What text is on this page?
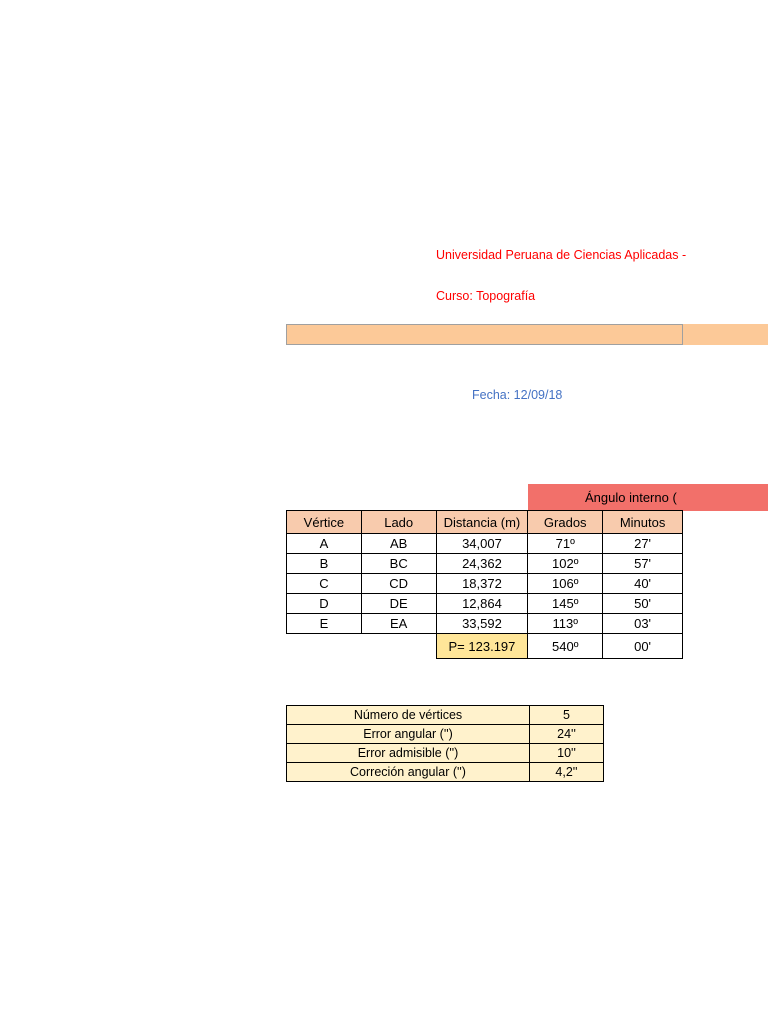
Universidad Peruana de Ciencias Aplicadas -
Curso: Topografía
Fecha: 12/09/18
Ángulo interno (
Vértice	Lado	Distancia (m)	Grados	Minutos
A	AB	34,007	71º	27'
B	BC	24,362	102º	57'
C	CD	18,372	106º	40'
D	DE	12,864	145º	50'
E	EA	33,592	113º	03'
		P= 123.197	540º	00'
Número de vértices	5
Error angular ('')	24''
Error admisible ('')	10''
Correción angular ('')	4,2''
